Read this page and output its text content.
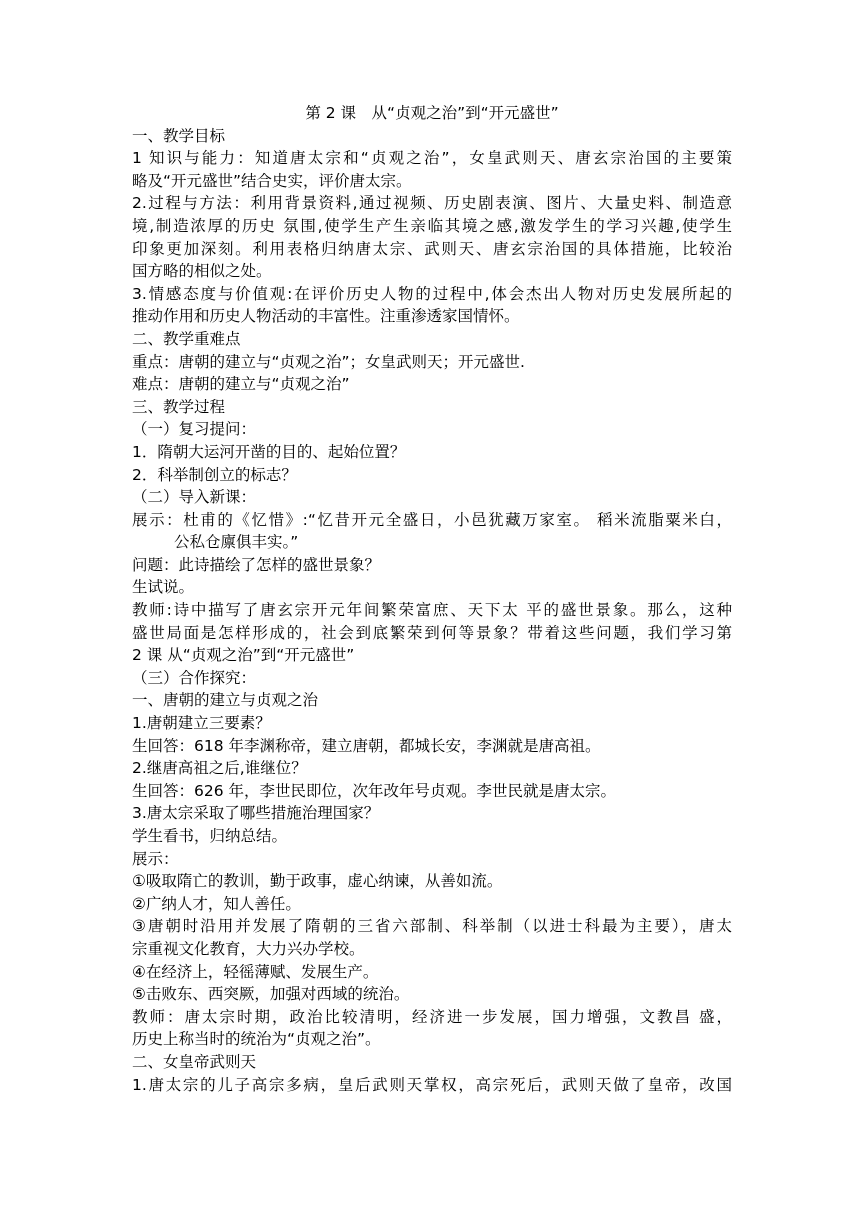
第 2 课　从“贞观之治”到“开元盛世”
一、教学目标
1 知识与能力：知道唐太宗和“贞观之治”，女皇武则天、唐玄宗治国的主要策
略及“开元盛世”结合史实，评价唐太宗。
2.过程与方法：利用背景资料,通过视频、历史剧表演、图片、大量史料、制造意
境,制造浓厚的历史 氛围,使学生产生亲临其境之感,激发学生的学习兴趣,使学生
印象更加深刻。利用表格归纳唐太宗、武则天、唐玄宗治国的具体措施，比较治
国方略的相似之处。
3.情感态度与价值观:在评价历史人物的过程中,体会杰出人物对历史发展所起的
推动作用和历史人物活动的丰富性。注重渗透家国情怀。
二、教学重难点
重点：唐朝的建立与“贞观之治”；女皇武则天；开元盛世.
难点：唐朝的建立与“贞观之治”
三、教学过程
（一）复习提问：
1．隋朝大运河开凿的目的、起始位置？
2．科举制创立的标志？
（二）导入新课：
展示：杜甫的《忆惜》:“忆昔开元全盛日，小邑犹藏万家室。 稻米流脂粟米白，
公私仓廪俱丰实。”
问题：此诗描绘了怎样的盛世景象？
生试说。
教师:诗中描写了唐玄宗开元年间繁荣富庶、天下太 平的盛世景象。那么，这种
盛世局面是怎样形成的，社会到底繁荣到何等景象？带着这些问题，我们学习第
2 课 从“贞观之治”到“开元盛世”
（三）合作探究：
一、唐朝的建立与贞观之治
1.唐朝建立三要素？
生回答：618 年李渊称帝，建立唐朝，都城长安，李渊就是唐高祖。
2.继唐高祖之后,谁继位？
生回答：626 年，李世民即位，次年改年号贞观。李世民就是唐太宗。
3.唐太宗采取了哪些措施治理国家？
学生看书，归纳总结。
展示：
①吸取隋亡的教训，勤于政事，虚心纳谏，从善如流。
②广纳人才，知人善任。
③唐朝时沿用并发展了隋朝的三省六部制、科举制（以进士科最为主要），唐太
宗重视文化教育，大力兴办学校。
④在经济上，轻徭薄赋、发展生产。
⑤击败东、西突厥，加强对西域的统治。
教师：唐太宗时期，政治比较清明，经济进一步发展，国力增强，文教昌 盛，
历史上称当时的统治为“贞观之治”。
二、女皇帝武则天
1.唐太宗的儿子高宗多病，皇后武则天掌权，高宗死后，武则天做了皇帝，改国
